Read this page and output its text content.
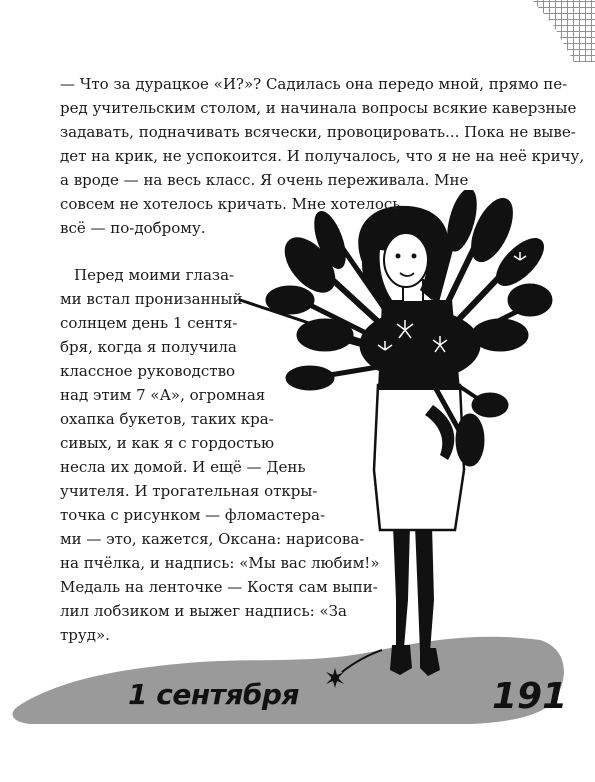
— Что за дурацкое «И?»? Садилась она передо мной, прямо пе-
ред учительским столом, и начинала вопросы всякие каверзные
задавать, подначивать всячески, провоцировать... Пока не выве-
дет на крик, не успокоится. И получалось, что я не на неё кричу,
а вроде — на весь класс. Я очень переживала. Мне
совсем не хотелось кричать. Мне хотелось
всё — по-доброму.
Перед моими глаза-
ми встал пронизанный
солнцем день 1 сентя-
бря, когда я получила
классное руководство
над этим 7 «А», огромная
охапка букетов, таких кра-
сивых, и как я с гордостью
несла их домой. И ещё — День
учителя. И трогательная откры-
точка с рисунком — фломастера-
ми — это, кажется, Оксана: нарисова-
на пчёлка, и надпись: «Мы вас любим!»
Медаль на ленточке — Костя сам выпи-
лил лобзиком и выжег надпись: «За
труд».
1 сентября	191
